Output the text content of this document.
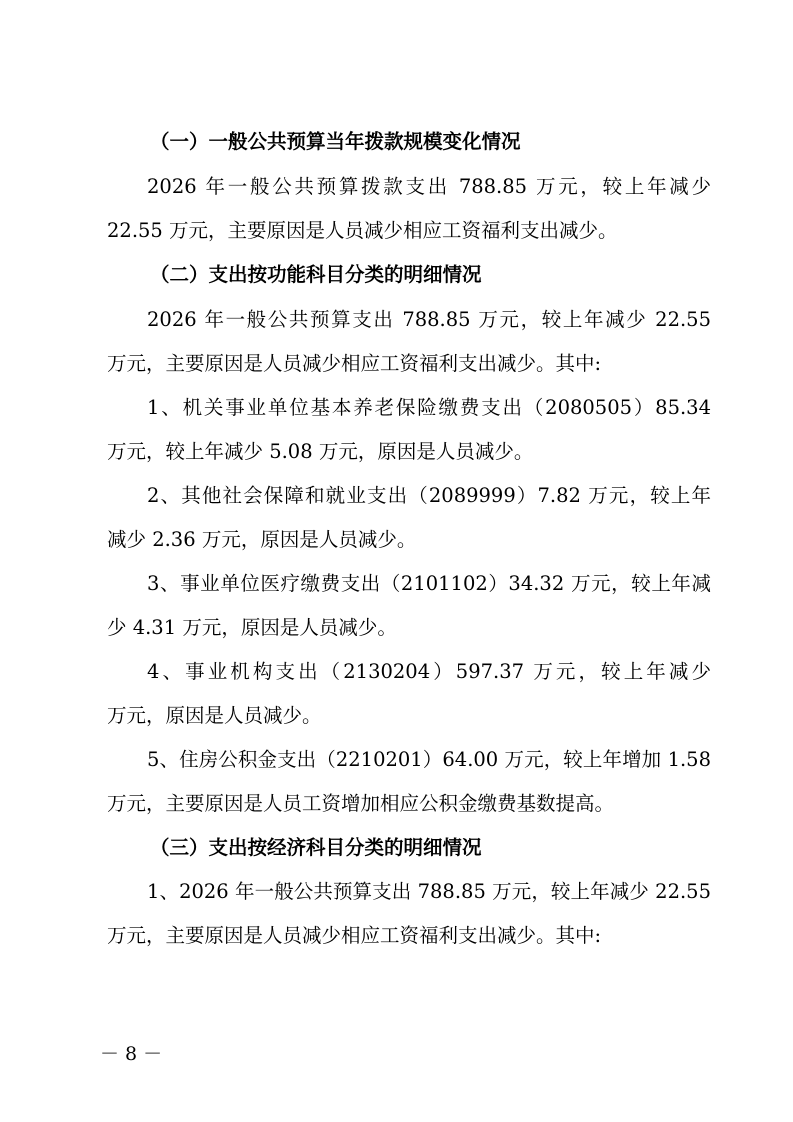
（一）一般公共预算当年拨款规模变化情况
2026 年一般公共预算拨款支出 788.85 万元，较上年减少
22.55 万元，主要原因是人员减少相应工资福利支出减少。
（二）支出按功能科目分类的明细情况
2026 年一般公共预算支出 788.85 万元，较上年减少 22.55
万元，主要原因是人员减少相应工资福利支出减少。其中:
1、机关事业单位基本养老保险缴费支出（2080505）85.34
万元，较上年减少 5.08 万元，原因是人员减少。
2、其他社会保障和就业支出（2089999）7.82 万元，较上年
减少 2.36 万元，原因是人员减少。
3、事业单位医疗缴费支出（2101102）34.32 万元，较上年减
少 4.31 万元，原因是人员减少。
4、事业机构支出（2130204）597.37 万元，较上年减少
万元，原因是人员减少。
5、住房公积金支出（2210201）64.00 万元，较上年增加 1.58
万元，主要原因是人员工资增加相应公积金缴费基数提高。
（三）支出按经济科目分类的明细情况
1、2026 年一般公共预算支出 788.85 万元，较上年减少 22.55
万元，主要原因是人员减少相应工资福利支出减少。其中:
－ 8 －
